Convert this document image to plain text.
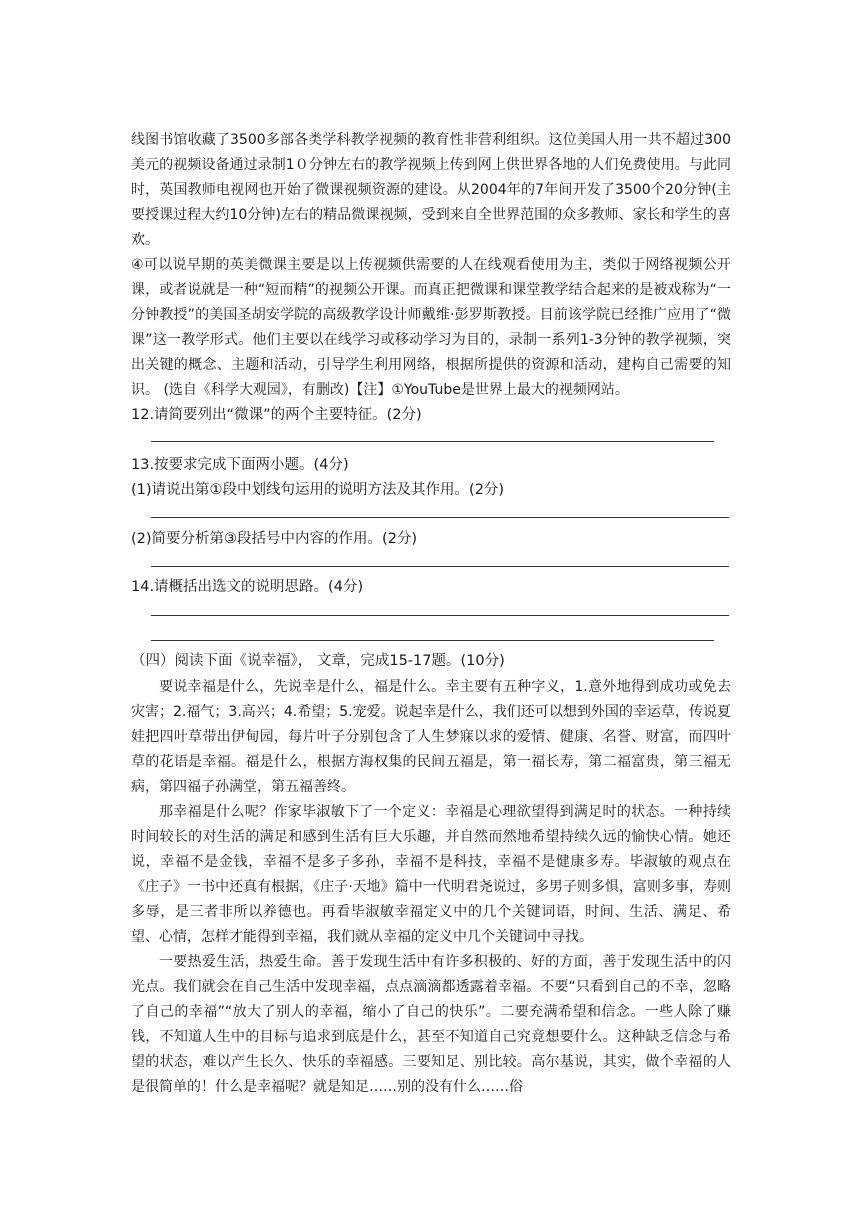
线图书馆收藏了3500多部各类学科教学视频的教育性非营利组织。这位美国人用一共不超过300美元的视频设备通过录制1０分钟左右的教学视频上传到网上供世界各地的人们免费使用。与此同时，英国教师电视网也开始了微课视频资源的建设。从2004年的7年间开发了3500个20分钟(主要授课过程大约10分钟)左右的精品微课视频，受到来自全世界范围的众多教师、家长和学生的喜欢。

④可以说早期的英美微课主要是以上传视频供需要的人在线观看使用为主，类似于网络视频公开课，或者说就是一种“短而精”的视频公开课。而真正把微课和课堂教学结合起来的是被戏称为“一分钟教授”的美国圣胡安学院的高级教学设计师戴维·彭罗斯教授。目前该学院已经推广应用了“微课”这一教学形式。他们主要以在线学习或移动学习为目的，录制一系列1-3分钟的教学视频，突出关键的概念、主题和活动，引导学生利用网络，根据所提供的资源和活动，建构自己需要的知识。 (选自《科学大观园》，有删改)【注】①YouTube是世界上最大的视频网站。

12.请简要列出“微课”的两个主要特征。(2分)
13.按要求完成下面两小题。(4分)
(1)请说出第①段中划线句运用的说明方法及其作用。(2分)
(2)简要分析第③段括号中内容的作用。(2分)
14.请概括出选文的说明思路。(4分)
（四）阅读下面《说幸福》， 文章，完成15-17题。(10分)

要说幸福是什么，先说幸是什么，福是什么。幸主要有五种字义，1.意外地得到成功或免去灾害；2.福气；3.高兴；4.希望；5.宠爱。说起幸是什么，我们还可以想到外国的幸运草，传说夏娃把四叶草带出伊甸园，每片叶子分别包含了人生梦寐以求的爱情、健康、名誉、财富，而四叶草的花语是幸福。福是什么，根据方海权集的民间五福是，第一福长寿，第二福富贵，第三福无病，第四福子孙满堂，第五福善终。

那幸福是什么呢？作家毕淑敏下了一个定义：幸福是心理欲望得到满足时的状态。一种持续时间较长的对生活的满足和感到生活有巨大乐趣，并自然而然地希望持续久远的愉快心情。她还说，幸福不是金钱，幸福不是多子多孙，幸福不是科技，幸福不是健康多寿。毕淑敏的观点在《庄子》一书中还真有根据，《庄子·天地》篇中一代明君尧说过，多男子则多惧，富则多事，寿则多辱，是三者非所以养德也。再看毕淑敏幸福定义中的几个关键词语，时间、生活、满足、希望、心情，怎样才能得到幸福，我们就从幸福的定义中几个关键词中寻找。

一要热爱生活，热爱生命。善于发现生活中有许多积极的、好的方面，善于发现生活中的闪光点。我们就会在自己生活中发现幸福，点点滴滴都透露着幸福。不要“只看到自己的不幸，忽略了自己的幸福”“放大了别人的幸福，缩小了自己的快乐”。二要充满希望和信念。一些人除了赚钱，不知道人生中的目标与追求到底是什么，甚至不知道自己究竟想要什么。这种缺乏信念与希望的状态，难以产生长久、快乐的幸福感。三要知足、别比较。高尔基说，其实，做个幸福的人是很简单的！什么是幸福呢？就是知足……别的没有什么……俗
